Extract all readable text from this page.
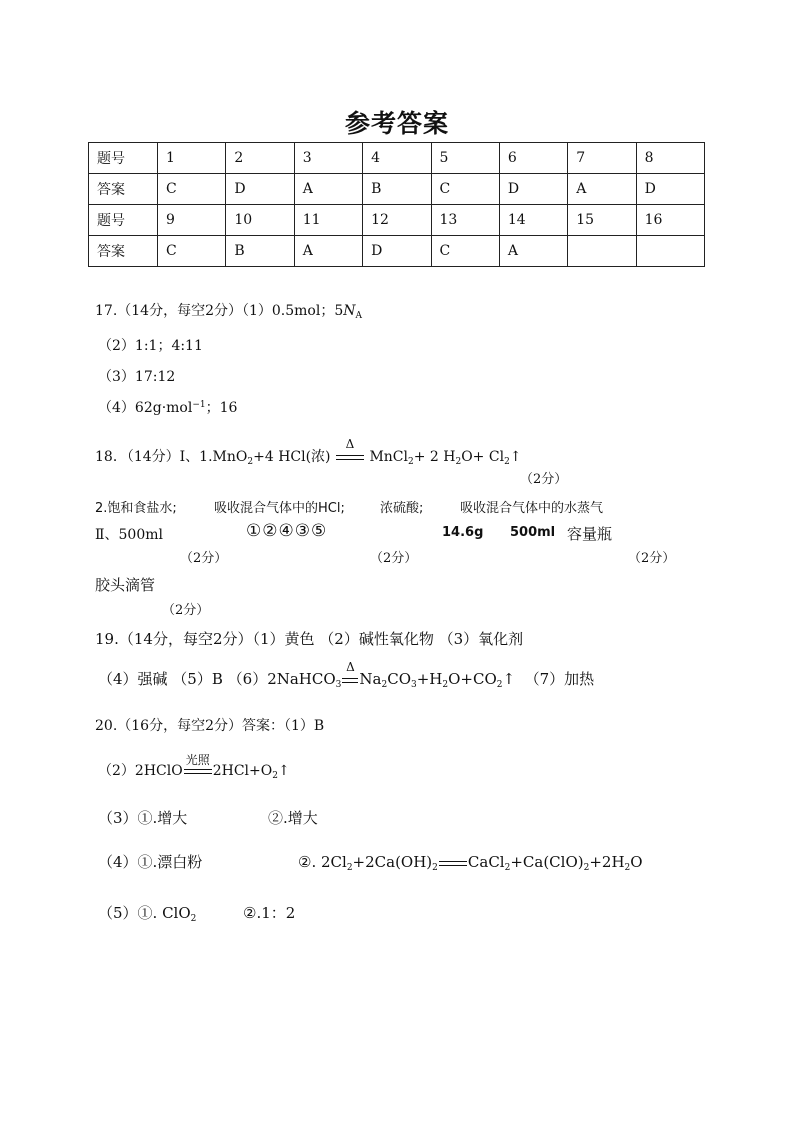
参考答案
题号	1	2	3	4	5	6	7	8
答案	C	D	A	B	C	D	A	D
题号	9	10	11	12	13	14	15	16
答案	C	B	A	D	C	A		
17.（14分，每空2分）（1）0.5mol；$5N_A$
（2）1:1；4:11
（3）17:12
（4）62g·mol$^{-1}$；16
18．（14分）Ⅰ、1.MnO$_2$+4 HCl(浓)
Δ
MnCl$_2$+ 2 $H_2O+$ $Cl_2↑$
（2分）
2.饱和食盐水;	吸收混合气体中的HCl;	浓硫酸;	吸收混合气体中的水蒸气
Ⅱ、500ml	①②④③⑤	14.6g 500ml 容量瓶
（2分）	（2分）	（2分）
胶头滴管
（2分）
19.（14分，每空2分）（1）黄色 （2）碱性氧化物 （3）氧化剂
（4）强碱 （5）B （6）2NaHCO$_3$
Δ
$Na_2CO_3+H_2O+CO_2↑$ （7）加热
20.（16分，每空2分）答案：（1）B
（2）2HClO
光照
$2HCl+O_2↑$
（3）①.增大	②.增大
（4）①.漂白粉	②. $2Cl_2+2Ca(OH)_2$ $CaCl_2+Ca(ClO)_2+2H_2O$
（5）①. ClO$_2$	②.1：2
